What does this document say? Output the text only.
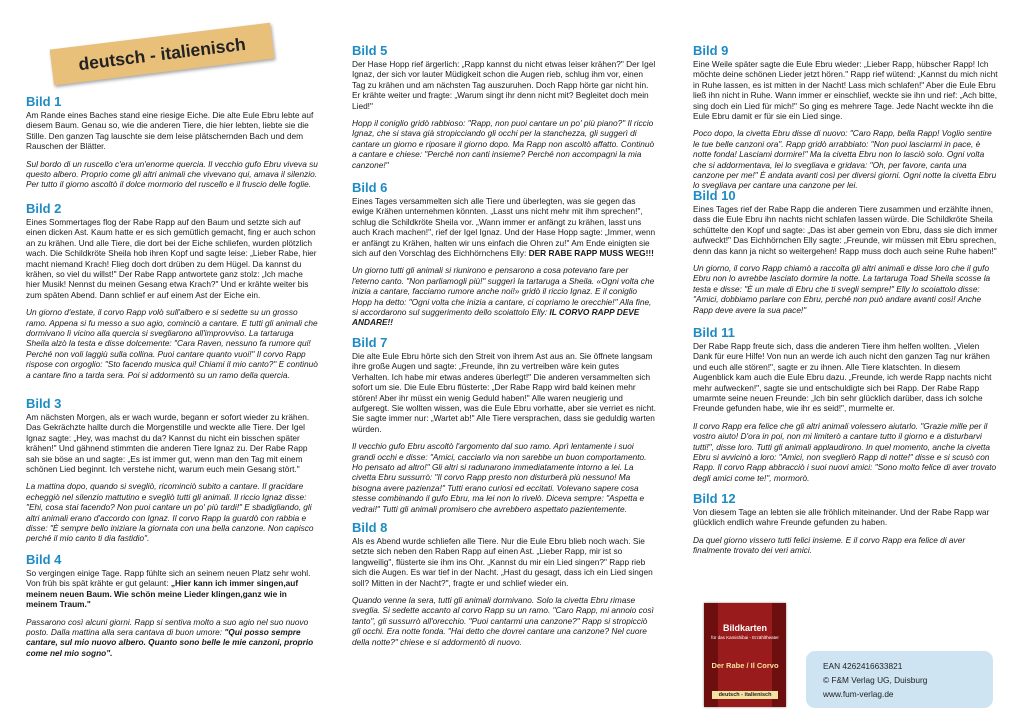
deutsch - italienisch
Bild 1

Am Rande eines Baches stand eine riesige Eiche. Die alte Eule Ebru lebte auf diesem Baum. Genau so, wie die anderen Tiere, die hier lebten, liebte sie die Stille. Den ganzen Tag lauschte sie dem leise plätschernden Bach und dem Rauschen der Blätter.

Sul bordo di un ruscello c'era un'enorme quercia. Il vecchio gufo Ebru viveva su questo albero. Proprio come gli altri animali che vivevano qui, amava il silenzio. Per tutto il giorno ascoltò il dolce mormorio del ruscello e il fruscio delle foglie.

Bild 2

Eines Sommertages flog der Rabe Rapp auf den Baum und setzte sich auf einen dicken Ast. Kaum hatte er es sich gemütlich gemacht, fing er auch schon an zu krähen. Und alle Tiere, die dort bei der Eiche schliefen, wurden plötzlich wach. Die Schildkröte Sheila hob ihren Kopf und sagte leise: „Lieber Rabe, hier macht niemand Krach! Flieg doch dort drüben zu dem Hügel. Da kannst du krähen, so viel du willst!" Der Rabe Rapp antwortete ganz stolz: „Ich mache hier Musik! Nennst du meinen Gesang etwa Krach?" Und er krähte weiter bis zum späten Abend. Dann schlief er auf einem Ast der Eiche ein.

Un giorno d'estate, il corvo Rapp volò sull'albero e si sedette su un grosso ramo. Appena si fu messo a suo agio, cominciò a cantare. E tutti gli animali che dormivano lì vicino alla quercia si svegliarono all'improvviso. La tartaruga Sheila alzò la testa e disse dolcemente: "Cara Raven, nessuno fa rumore qui! Perché non voli laggiù sulla collina. Puoi cantare quanto vuoi!" Il corvo Rapp rispose con orgoglio: "Sto facendo musica qui! Chiami il mio canto?" E continuò a cantare fino a tarda sera. Poi si addormentò su un ramo della quercia.

Bild 3

Am nächsten Morgen, als er wach wurde, begann er sofort wieder zu krähen. Das Gekrächzte hallte durch die Morgenstille und weckte alle Tiere. Der Igel Ignaz sagte: „Hey, was machst du da? Kannst du nicht ein bisschen später krähen!" Und gähnend stimmten die anderen Tiere Ignaz zu. Der Rabe Rapp sah sie böse an und sagte: „Es ist immer gut, wenn man den Tag mit einem schönen Lied beginnt. Ich verstehe nicht, warum euch mein Gesang stört."

La mattina dopo, quando si svegliò, ricominciò subito a cantare. Il gracidare echeggiò nel silenzio mattutino e svegliò tutti gli animali. Il riccio Ignaz disse: "Ehi, cosa stai facendo? Non puoi cantare un po' più tardi!" E sbadigliando, gli altri animali erano d'accordo con Ignaz. Il corvo Rapp la guardò con rabbia e disse: "È sempre bello iniziare la giornata con una bella canzone. Non capisco perché il mio canto ti dia fastidio".

Bild 4

So vergingen einige Tage. Rapp fühlte sich an seinem neuen Platz sehr wohl. Von früh bis spät krähte er gut gelaunt: „Hier kann ich immer singen,auf meinem neuen Baum. Wie schön meine Lieder klingen,ganz wie in meinem Traum."

Passarono così alcuni giorni. Rapp si sentiva molto a suo agio nel suo nuovo posto. Dalla mattina alla sera cantava di buon umore: "Qui posso sempre cantare, sul mio nuovo albero. Quanto sono belle le mie canzoni, proprio come nel mio sogno".

Bild 5

Der Hase Hopp rief ärgerlich: „Rapp kannst du nicht etwas leiser krähen?" Der Igel Ignaz, der sich vor lauter Müdigkeit schon die Augen rieb, schlug ihm vor, einen Tag zu krähen und am nächsten Tag auszuruhen. Doch Rapp hörte gar nicht hin. Er krähte weiter und fragte: „Warum singt ihr denn nicht mit? Begleitet doch mein Lied!"

Hopp il coniglio gridò rabbioso: "Rapp, non puoi cantare un po' più piano?" Il riccio Ignaz, che si stava già stropicciando gli occhi per la stanchezza, gli suggerì di cantare un giorno e riposare il giorno dopo. Ma Rapp non ascoltò affatto. Continuò a cantare e chiese: "Perché non canti insieme? Perché non accompagni la mia canzone!"

Bild 6

Eines Tages versammelten sich alle Tiere und überlegten, was sie gegen das ewige Krähen unternehmen könnten. „Lasst uns nicht mehr mit ihm sprechen!", schlug die Schildkröte Sheila vor. „Wann immer er anfängt zu krähen, lasst uns auch Krach machen!", rief der Igel Ignaz. Und der Hase Hopp sagte: „Immer, wenn er anfängt zu Krähen, halten wir uns einfach die Ohren zu!" Am Ende einigten sie sich auf den Vorschlag des Eichhörnchens Elly: DER RABE RAPP MUSS WEG!!!

Un giorno tutti gli animali si riunirono e pensarono a cosa potevano fare per l'eterno canto. "Non parliamogli più!" suggerì la tartaruga a Sheila. «Ogni volta che inizia a cantare, facciamo rumore anche noi!» gridò il riccio Ignaz. E il coniglio Hopp ha detto: "Ogni volta che inizia a cantare, ci copriamo le orecchie!" Alla fine, si accordarono sul suggerimento dello scoiattolo Elly: IL CORVO RAPP DEVE ANDARE!!

Bild 7

Die alte Eule Ebru hörte sich den Streit von ihrem Ast aus an. Sie öffnete langsam ihre große Augen und sagte: „Freunde, ihn zu vertreiben wäre kein gutes Verhalten. Ich habe mir etwas anderes überlegt!" Die anderen versammelten sich sofort um sie. Die Eule Ebru flüsterte: „Der Rabe Rapp wird bald keinen mehr stören! Aber ihr müsst ein wenig Geduld haben!" Alle waren neugierig und aufgeregt. Sie wollten wissen, was die Eule Ebru vorhatte, aber sie verriet es nicht. Sie sagte immer nur: „Wartet ab!" Alle Tiere versprachen, dass sie geduldig warten würden.

Il vecchio gufo Ebru ascoltò l'argomento dal suo ramo. Aprì lentamente i suoi grandi occhi e disse: "Amici, cacciarlo via non sarebbe un buon comportamento. Ho pensato ad altro!" Gli altri si radunarono immediatamente intorno a lei. La civetta Ebru sussurrò: "Il corvo Rapp presto non disturberà più nessuno! Ma bisogna avere pazienza!" Tutti erano curiosi ed eccitati. Volevano sapere cosa stesse combinando il gufo Ebru, ma lei non lo rivelò. Diceva sempre: "Aspetta e vedrai!" Tutti gli animali promisero che avrebbero aspettato pazientemente.

Bild 8

Als es Abend wurde schliefen alle Tiere. Nur die Eule Ebru blieb noch wach. Sie setzte sich neben den Raben Rapp auf einen Ast. „Lieber Rapp, mir ist so langweilig", flüsterte sie ihm ins Ohr. „Kannst du mir ein Lied singen?" Rapp rieb sich die Augen. Es war tief in der Nacht. „Hast du gesagt, dass ich ein Lied singen soll? Mitten in der Nacht?", fragte er und schlief wieder ein.

Quando venne la sera, tutti gli animali dormivano. Solo la civetta Ebru rimase sveglia. Si sedette accanto al corvo Rapp su un ramo. "Caro Rapp, mi annoio così tanto", gli sussurrò all'orecchio. "Puoi cantarmi una canzone?" Rapp si stropicciò gli occhi. Era notte fonda. "Hai detto che dovrei cantare una canzone? Nel cuore della notte?" chiese e si addormentò di nuovo.

Bild 9

Eine Weile später sagte die Eule Ebru wieder: „Lieber Rapp, hübscher Rapp! Ich möchte deine schönen Lieder jetzt hören." Rapp rief wütend: „Kannst du mich nicht in Ruhe lassen, es ist mitten in der Nacht! Lass mich schlafen!" Aber die Eule Ebru ließ ihn nicht in Ruhe. Wann immer er einschlief, weckte sie ihn und rief: „Ach bitte, sing doch ein Lied für mich!" So ging es mehrere Tage. Jede Nacht weckte ihn die Eule Ebru damit er für sie ein Lied singe.

Poco dopo, la civetta Ebru disse di nuovo: "Caro Rapp, bella Rapp! Voglio sentire le tue belle canzoni ora". Rapp gridò arrabbiato: "Non puoi lasciarmi in pace, è notte fonda! Lasciami dormire!" Ma la civetta Ebru non lo lasciò solo. Ogni volta che si addormentava, lei lo svegliava e gridava: "Oh, per favore, canta una canzone per me!" È andata avanti così per diversi giorni. Ogni notte la civetta Ebru lo svegliava per cantare una canzone per lei.

Bild 10

Eines Tages rief der Rabe Rapp die anderen Tiere zusammen und erzählte ihnen, dass die Eule Ebru ihn nachts nicht schlafen lassen würde. Die Schildkröte Sheila schüttelte den Kopf und sagte: „Das ist aber gemein von Ebru, dass sie dich immer aufweckt!" Das Eichhörnchen Elly sagte: „Freunde, wir müssen mit Ebru sprechen, denn das kann ja nicht so weitergehen! Rapp muss doch auch seine Ruhe haben!"

Un giorno, il corvo Rapp chiamò a raccolta gli altri animali e disse loro che il gufo Ebru non lo avrebbe lasciato dormire la notte. La tartaruga Toad Sheila scosse la testa e disse: "È un male di Ebru che ti svegli sempre!" Elly lo scoiattolo disse: "Amici, dobbiamo parlare con Ebru, perché non può andare avanti così! Anche Rapp deve avere la sua pace!"

Bild 11

Der Rabe Rapp freute sich, dass die anderen Tiere ihm helfen wollten. „Vielen Dank für eure Hilfe! Von nun an werde ich auch nicht den ganzen Tag nur krähen und euch alle stören!", sagte er zu ihnen. Alle Tiere klatschten. In diesem Augenblick kam auch die Eule Ebru dazu. „Freunde, ich werde Rapp nachts nicht mehr aufwecken!", sagte sie und entschuldigte sich bei Rapp. Der Rabe Rapp umarmte seine neuen Freunde: „Ich bin sehr glücklich darüber, dass ich solche Freunde gefunden habe, wie ihr es seid!", murmelte er.

Il corvo Rapp era felice che gli altri animali volessero aiutarlo. "Grazie mille per il vostro aiuto! D'ora in poi, non mi limiterò a cantare tutto il giorno e a disturbarvi tutti!", disse loro. Tutti gli animali applaudirono. In quel momento, anche la civetta Ebru si avvicinò a loro: "Amici, non sveglierò Rapp di notte!" disse e si scusò con Rapp. Il corvo Rapp abbracciò i suoi nuovi amici: "Sono molto felice di aver trovato degli amici come te!", mormorò.

Bild 12

Von diesem Tage an lebten sie alle fröhlich miteinander. Und der Rabe Rapp war glücklich endlich wahre Freunde gefunden zu haben.

Da quel giorno vissero tutti felici insieme. E il corvo Rapp era felice di aver finalmente trovato dei veri amici.

Bildkarten
für das Kamishibai - Erzähltheater
Der Rabe / Il Corvo
deutsch - italienisch
EAN 4262416633821
© F&M Verlag UG, Duisburg
www.fum-verlag.de
